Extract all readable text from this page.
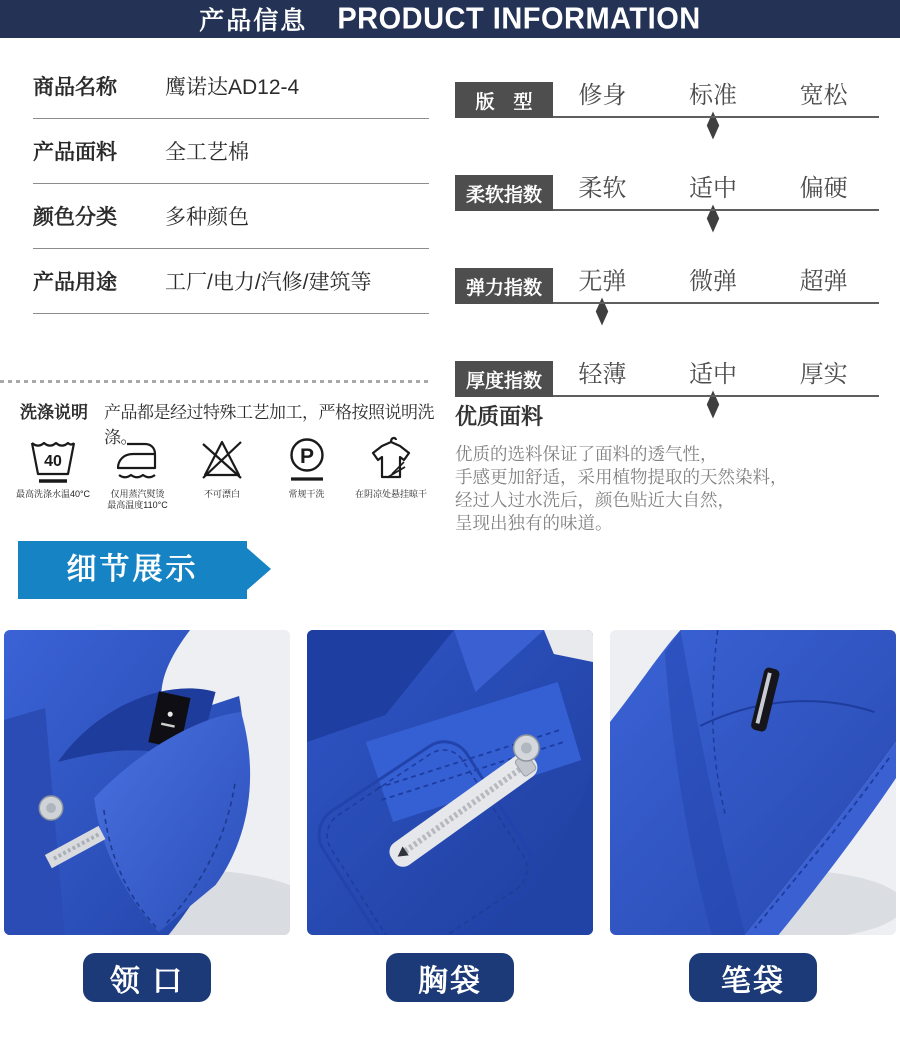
产品信息 PRODUCT INFORMATION
商品名称	鹰诺达AD12-4
产品面料	全工艺棉
颜色分类	多种颜色
产品用途	工厂/电力/汽修/建筑等
版　型	修身	标准	宽松
柔软指数	柔软	适中	偏硬
弹力指数	无弹	微弹	超弹
厚度指数	轻薄	适中	厚实
洗涤说明 产品都是经过特殊工艺加工，严格按照说明洗涤。
40
最高洗涤水温40°C 仅用蒸汽熨烫
最高温度110°C
不可漂白
P
常规干洗	在阴凉处悬挂晾干
优质面料

优质的选料保证了面料的透气性，

手感更加舒适，采用植物提取的天然染料，

经过人过水洗后，颜色贴近大自然，

呈现出独有的味道。

细节展示
领 口	胸袋	笔袋
